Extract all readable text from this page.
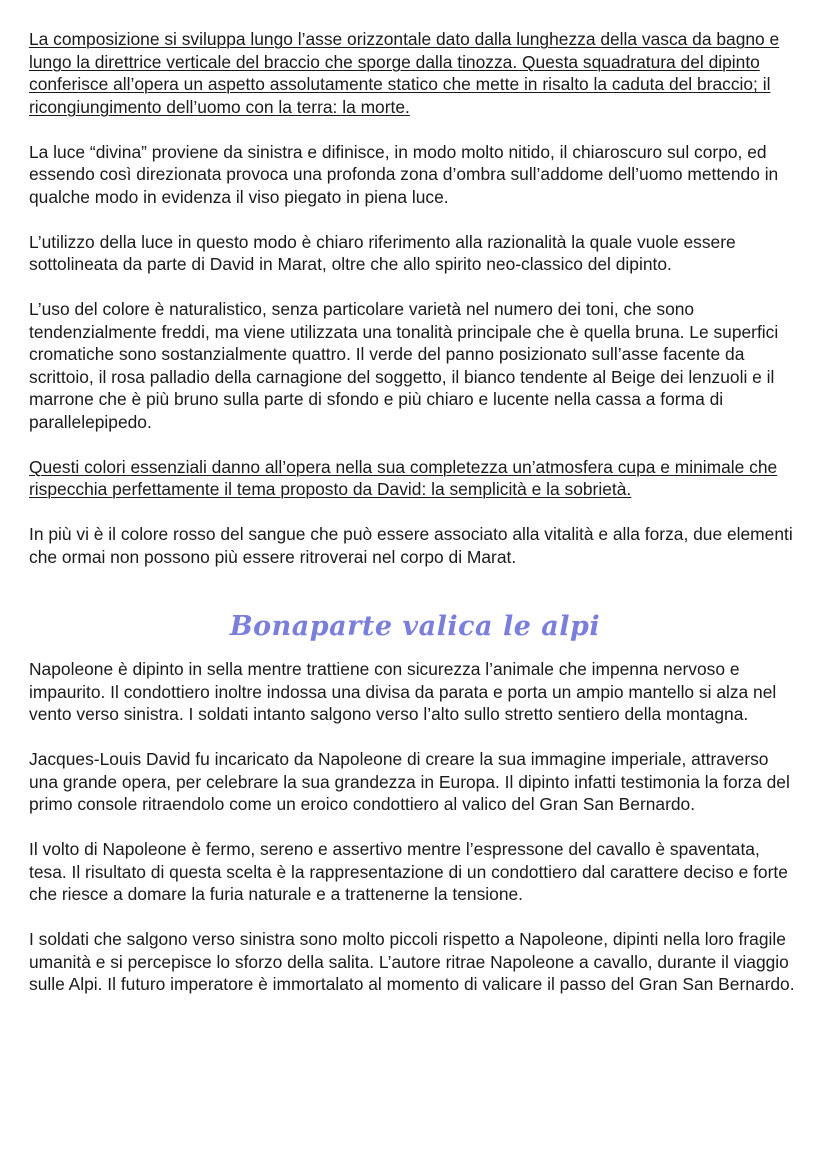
La composizione si sviluppa lungo l’asse orizzontale dato dalla lunghezza della vasca da bagno e lungo la direttrice verticale del braccio che sporge dalla tinozza. Questa squadratura del dipinto conferisce all’opera un aspetto assolutamente statico che mette in risalto la caduta del braccio; il ricongiungimento dell’uomo con la terra: la morte.

La luce “divina” proviene da sinistra e difinisce, in modo molto nitido, il chiaroscuro sul corpo, ed essendo così direzionata provoca una profonda zona d’ombra sull’addome dell’uomo mettendo in qualche modo in evidenza il viso piegato in piena luce.

L’utilizzo della luce in questo modo è chiaro riferimento alla razionalità la quale vuole essere sottolineata da parte di David in Marat, oltre che allo spirito neo-classico del dipinto.

L’uso del colore è naturalistico, senza particolare varietà nel numero dei toni, che sono tendenzialmente freddi, ma viene utilizzata una tonalità principale che è quella bruna. Le superfici cromatiche sono sostanzialmente quattro. Il verde del panno posizionato sull’asse facente da scrittoio, il rosa palladio della carnagione del soggetto, il bianco tendente al Beige dei lenzuoli e il marrone che è più bruno sulla parte di sfondo e più chiaro e lucente nella cassa a forma di parallelepipedo.

Questi colori essenziali danno all’opera nella sua completezza un’atmosfera cupa e minimale che rispecchia perfettamente il tema proposto da David: la semplicità e la sobrietà.

In più vi è il colore rosso del sangue che può essere associato alla vitalità e alla forza, due elementi che ormai non possono più essere ritroverai nel corpo di Marat.

Bonaparte valica le alpi

Napoleone è dipinto in sella mentre trattiene con sicurezza l’animale che impenna nervoso e impaurito. Il condottiero inoltre indossa una divisa da parata e porta un ampio mantello si alza nel vento verso sinistra. I soldati intanto salgono verso l’alto sullo stretto sentiero della montagna.

Jacques-Louis David fu incaricato da Napoleone di creare la sua immagine imperiale, attraverso una grande opera, per celebrare la sua grandezza in Europa. Il dipinto infatti testimonia la forza del primo console ritraendolo come un eroico condottiero al valico del Gran San Bernardo.

Il volto di Napoleone è fermo, sereno e assertivo mentre l’espressone del cavallo è spaventata, tesa. Il risultato di questa scelta è la rappresentazione di un condottiero dal carattere deciso e forte che riesce a domare la furia naturale e a trattenerne la tensione.

I soldati che salgono verso sinistra sono molto piccoli rispetto a Napoleone, dipinti nella loro fragile umanità e si percepisce lo sforzo della salita. L’autore ritrae Napoleone a cavallo, durante il viaggio sulle Alpi. Il futuro imperatore è immortalato al momento di valicare il passo del Gran San Bernardo.
